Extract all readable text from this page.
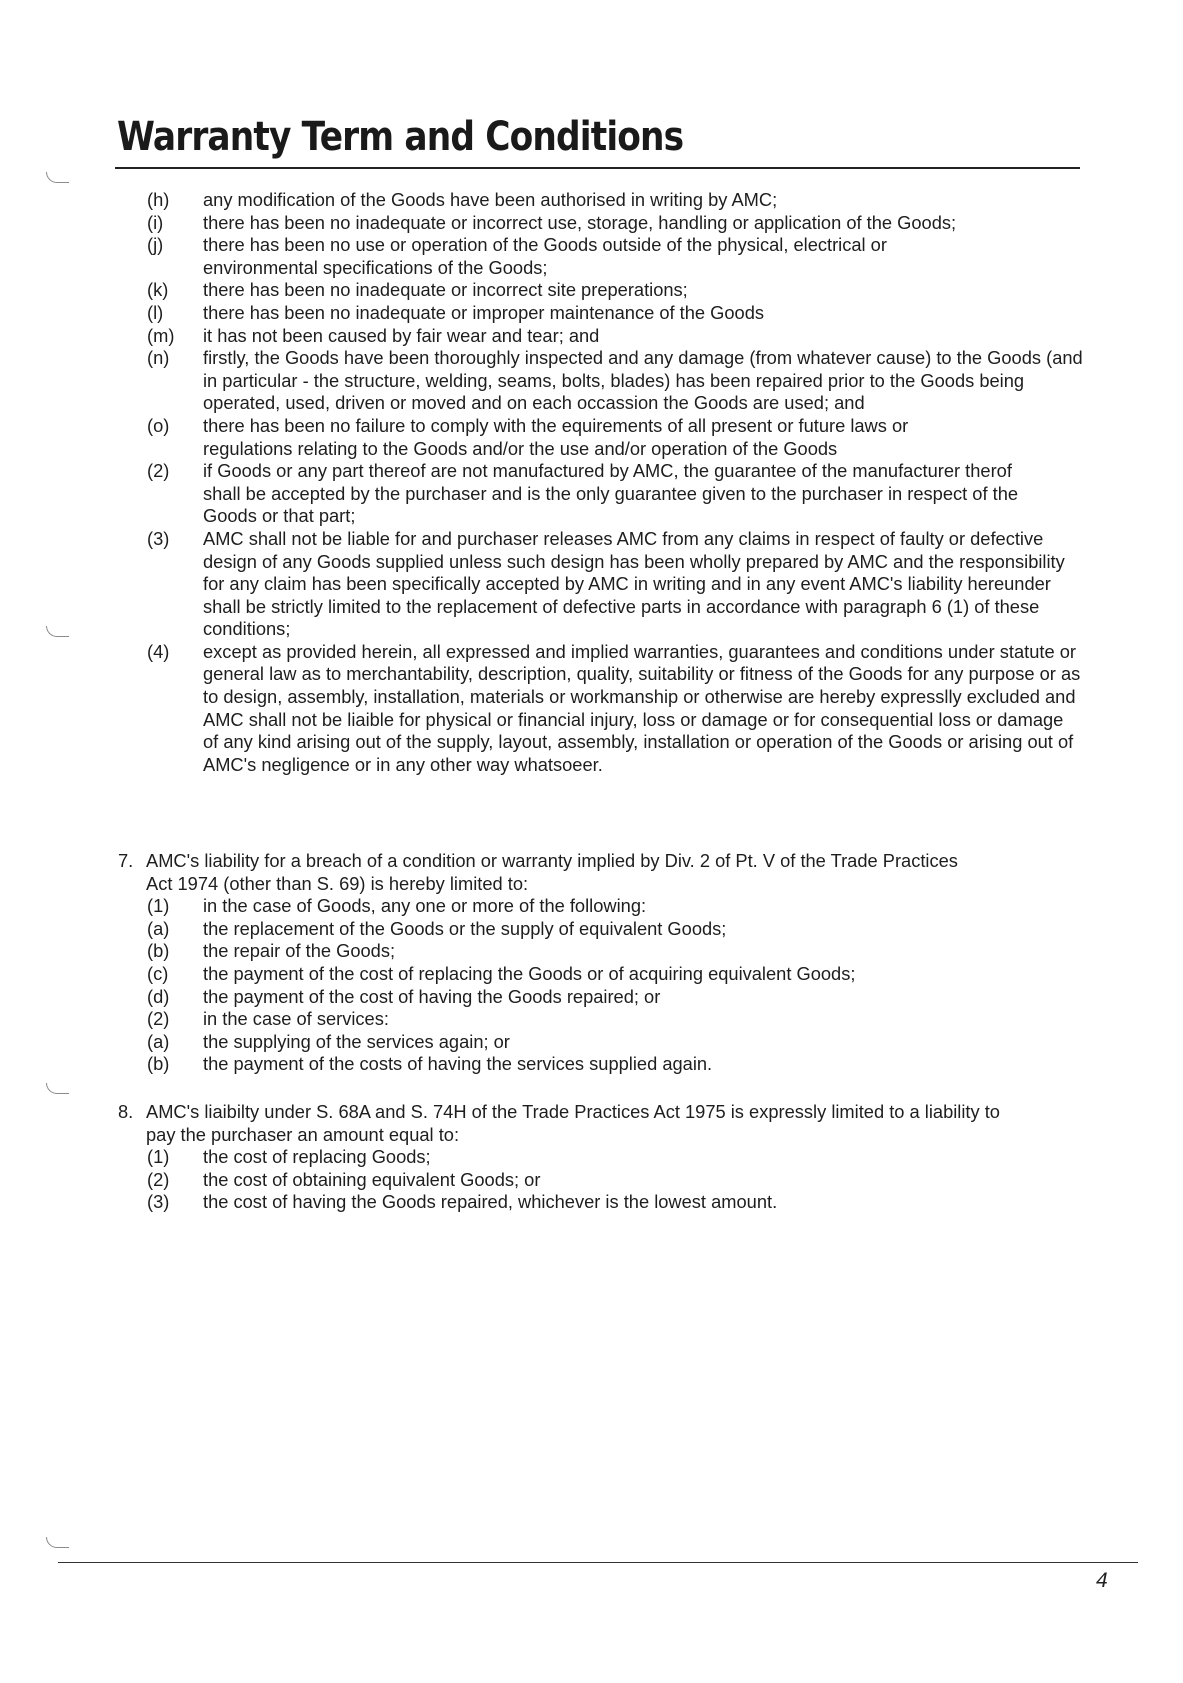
Warranty Term and Conditions
(h) any modification of the Goods have been authorised in writing by AMC;
(i) there has been no inadequate or incorrect use, storage, handling or application of the Goods;
(j) there has been no use or operation of the Goods outside of the physical, electrical or environmental specifications of the Goods;
(k) there has been no inadequate or incorrect site preperations;
(l) there has been no inadequate or improper maintenance of the Goods
(m) it has not been caused by fair wear and tear; and
(n) firstly, the Goods have been thoroughly inspected and any damage (from whatever cause) to the Goods (and in particular - the structure, welding, seams, bolts, blades) has been repaired prior to the Goods being operated, used, driven or moved and on each occassion the Goods are used; and
(o) there has been no failure to comply with the equirements of all present or future laws or regulations relating to the Goods and/or the use and/or operation of the Goods
(2) if Goods or any part thereof are not manufactured by AMC, the guarantee of the manufacturer therof shall be accepted by the purchaser and is the only guarantee given to the purchaser in respect of the Goods or that part;
(3) AMC shall not be liable for and purchaser releases AMC from any claims in respect of faulty or defective design of any Goods supplied unless such design has been wholly prepared by AMC and the responsibility for any claim has been specifically accepted by AMC in writing and in any event AMC's liability hereunder shall be strictly limited to the replacement of defective parts in accordance with paragraph 6 (1) of these conditions;
(4) except as provided herein, all expressed and implied warranties, guarantees and conditions under statute or general law as to merchantability, description, quality, suitability or fitness of the Goods for any purpose or as to design, assembly, installation, materials or workmanship or otherwise are hereby expresslly excluded and AMC shall not be liaible for physical or financial injury, loss or damage or for consequential loss or damage of any kind arising out of the supply, layout, assembly, installation or operation of the Goods or arising out of AMC's negligence or in any other way whatsoeer.
7. AMC's liability for a breach of a condition or warranty implied by Div. 2 of Pt. V of the Trade Practices Act 1974 (other than S. 69) is hereby limited to:
(1) in the case of Goods, any one or more of the following:
(a) the replacement of the Goods or the supply of equivalent Goods;
(b) the repair of the Goods;
(c) the payment of the cost of replacing the Goods or of acquiring equivalent Goods;
(d) the payment of the cost of having the Goods repaired; or
(2) in the case of services:
(a) the supplying of the services again; or
(b) the payment of the costs of having the services supplied again.
8. AMC's liaibilty under S. 68A and S. 74H of the Trade Practices Act 1975 is expressly limited to a liability to pay the purchaser an amount equal to:
(1) the cost of replacing Goods;
(2) the cost of obtaining equivalent Goods; or
(3) the cost of having the Goods repaired, whichever is the lowest amount.
4
